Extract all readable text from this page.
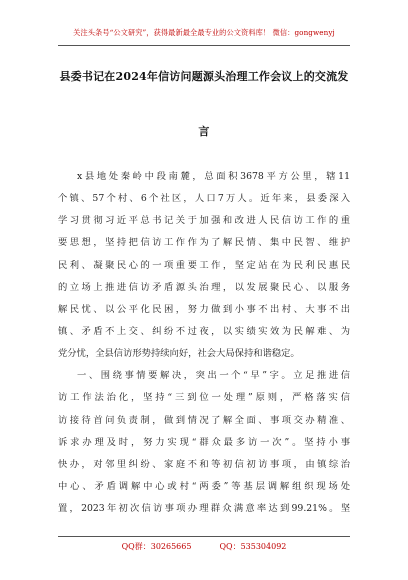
关注头条号“公文研究”，获得最新最全最专业的公文资料库！ 微信：gongwenyj
县委书记在2024年信访问题源头治理工作会议上的交流发
言
x县地处秦岭中段南麓，总面积3678平方公里，辖11
个镇、57个村、6个社区，人口7万人。近年来，县委深入
学习贯彻习近平总书记关于加强和改进人民信访工作的重
要思想，坚持把信访工作作为了解民情、集中民智、维护
民利、凝聚民心的一项重要工作，坚定站在为民利民惠民
的立场上推进信访矛盾源头治理，以发展聚民心、以服务
解民忧、以公平化民困，努力做到小事不出村、大事不出
镇、矛盾不上交、纠纷不过夜，以实绩实效为民解难、为
党分忧，全县信访形势持续向好，社会大局保持和谐稳定。
一、围绕事情要解决，突出一个“早”字。立足推进信
访工作法治化，坚持“三到位一处理”原则，严格落实信
访接待首问负责制，做到情况了解全面、事项交办精准、
诉求办理及时，努力实现“群众最多访一次”。坚持小事
快办，对邻里纠纷、家庭不和等初信初访事项，由镇综治
中心、矛盾调解中心或村“两委”等基层调解组织现场处
置，2023年初次信访事项办理群众满意率达到99.21%。坚
QQ群：30265665	QQ：535304092
